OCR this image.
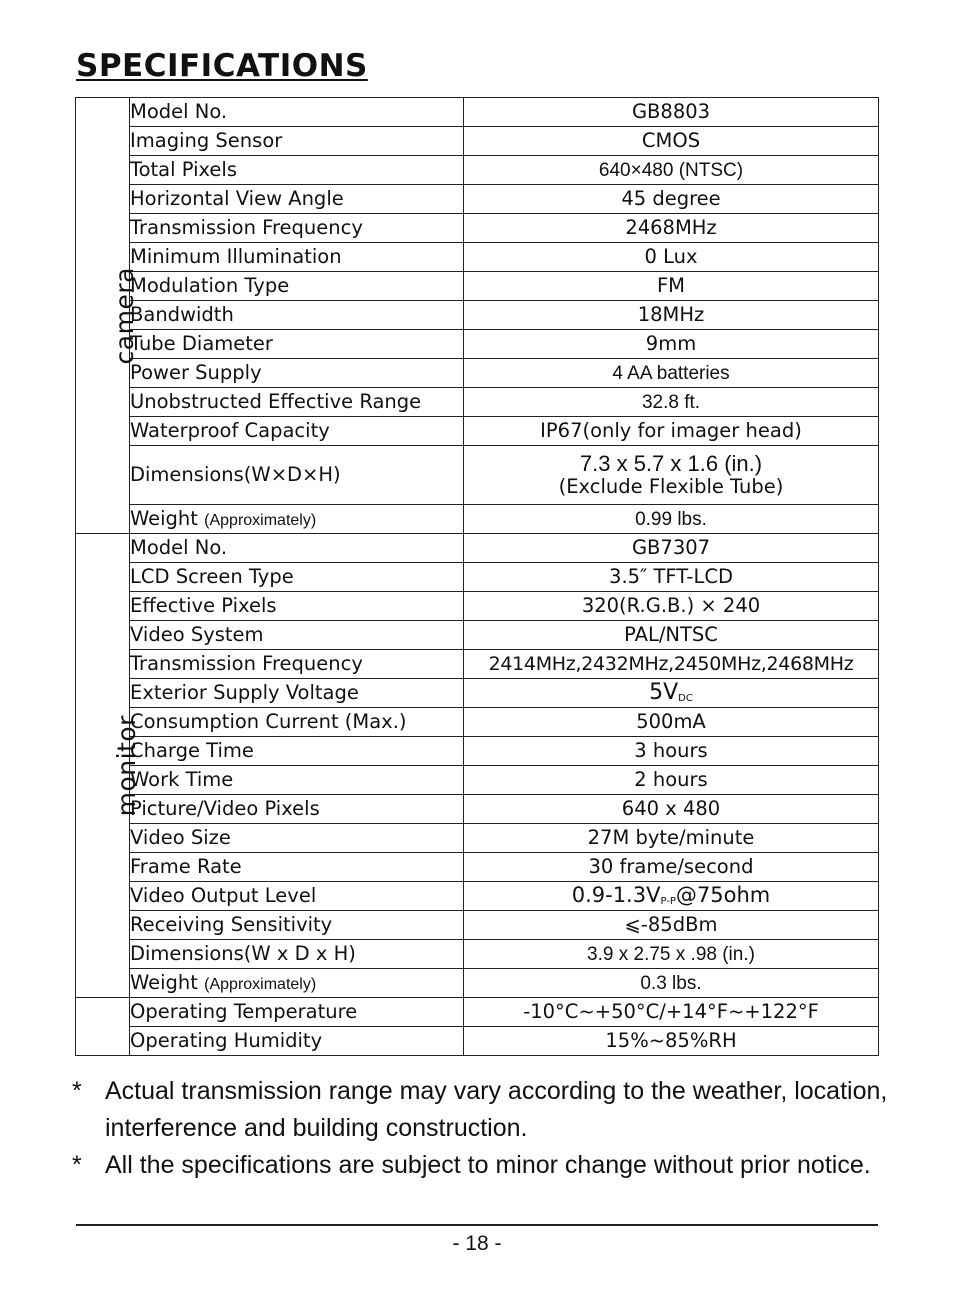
SPECIFICATIONS
camera	Model No.	GB8803
	Imaging Sensor	CMOS
	Total Pixels	640×480 (NTSC)
	Horizontal View Angle	45 degree
	Transmission Frequency	2468MHz
	Minimum Illumination	0 Lux
	Modulation Type	FM
	Bandwidth	18MHz
	Tube Diameter	9mm
	Power Supply	4 AA batteries
	Unobstructed Effective Range	32.8 ft.
	Waterproof Capacity	IP67(only for imager head)
	Dimensions(W×D×H)	7.3 x 5.7 x 1.6 (in.)
(Exclude Flexible Tube)

	Weight (Approximately)	0.99 lbs.
monitor	Model No.	GB7307
	LCD Screen Type	3.5″ TFT-LCD
	Effective Pixels	320(R.G.B.) × 240
	Video System	PAL/NTSC
	Transmission Frequency	2414MHz,2432MHz,2450MHz,2468MHz
	Exterior Supply Voltage	$5V_{DC}$
	Consumption Current (Max.)	500mA
	Charge Time	3 hours
	Work Time	2 hours
	Picture/Video Pixels	640 x 480
	Video Size	27M byte/minute
	Frame Rate	30 frame/second
	Video Output Level	$0.9-1.3V_{P-P}@75ohm$
	Receiving Sensitivity	⩽-85dBm
	Dimensions(W x D x H)	3.9 x 2.75 x .98 (in.)
	Weight (Approximately)	0.3 lbs.
	Operating Temperature	-10°C~+50°C/+14°F~+122°F
	Operating Humidity	15%~85%RH
* Actual transmission range may vary according to the weather, location, interference and building construction.
* All the specifications are subject to minor change without prior notice.
- 18 -
